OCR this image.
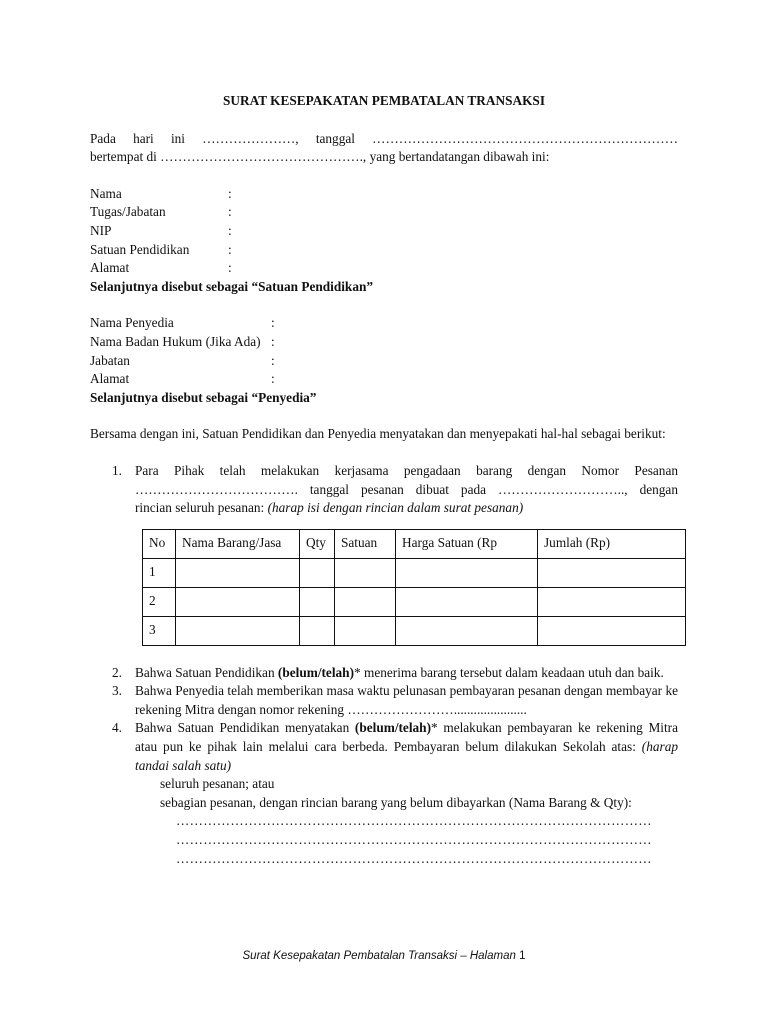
SURAT KESEPAKATAN PEMBATALAN TRANSAKSI
Pada hari ini …………………, tanggal ……………………………………………………………
bertempat di ………………………………………., yang bertandatangan dibawah ini:
Nama	:
Tugas/Jabatan	:
NIP	:
Satuan Pendidikan	:
Alamat	:
Selanjutnya disebut sebagai “Satuan Pendidikan”
Nama Penyedia	:
Nama Badan Hukum (Jika Ada) :
Jabatan	:
Alamat	:
Selanjutnya disebut sebagai “Penyedia”
Bersama dengan ini, Satuan Pendidikan dan Penyedia menyatakan dan menyepakati hal-hal sebagai berikut:
1. Para Pihak telah melakukan kerjasama pengadaan barang dengan Nomor Pesanan
………………………………. tanggal pesanan dibuat pada ……………………….., dengan
rincian seluruh pesanan: (harap isi dengan rincian dalam surat pesanan)
No	Nama Barang/Jasa	Qty	Satuan	Harga Satuan (Rp	Jumlah (Rp)
1					
2					
3					
2. Bahwa Satuan Pendidikan (belum/telah)* menerima barang tersebut dalam keadaan utuh dan baik.
3. Bahwa Penyedia telah memberikan masa waktu pelunasan pembayaran pesanan dengan membayar ke rekening Mitra dengan nomor rekening ……………………......................
4. Bahwa Satuan Pendidikan menyatakan (belum/telah)* melakukan pembayaran ke rekening Mitra atau pun ke pihak lain melalui cara berbeda. Pembayaran belum dilakukan Sekolah atas: (harap tandai salah satu)
seluruh pesanan; atau
sebagian pesanan, dengan rincian barang yang belum dibayarkan (Nama Barang & Qty):
……………………………………………………………………………………………
……………………………………………………………………………………………
……………………………………………………………………………………………
Surat Kesepakatan Pembatalan Transaksi – Halaman 1
